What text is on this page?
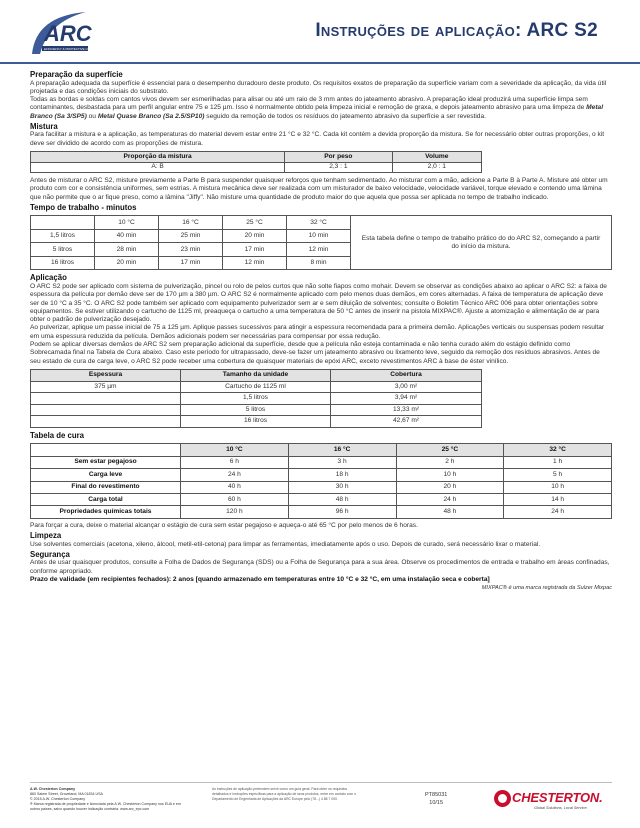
ARC
EFFICIENCY & PROTECTIVE COATINGS
Instruções de aplicação: ARC S2
Preparação da superfície
A preparação adequada da superfície é essencial para o desempenho duradouro deste produto. Os requisitos exatos de preparação da superfície variam com a severidade da aplicação, da vida útil projetada e das condições iniciais do substrato.
Todas as bordas e soldas com cantos vivos devem ser esmerilhadas para alisar ou até um raio de 3 mm antes do jateamento abrasivo. A preparação ideal produzirá uma superfície limpa sem contaminantes, desbastada para um perfil angular entre 75 e 125 µm. Isso é normalmente obtido pela limpeza inicial e remoção de graxa, e depois jateamento abrasivo para uma limpeza de Metal Branco (Sa 3/SP5) ou Metal Quase Branco (Sa 2.5/SP10) seguido da remoção de todos os resíduos do jateamento abrasivo da superfície a ser revestida.
Mistura
Para facilitar a mistura e a aplicação, as temperaturas do material devem estar entre 21 °C e 32 °C. Cada kit contém a devida proporção da mistura. Se for necessário obter outras proporções, o kit deve ser dividido de acordo com as proporções de mistura.
Proporção da mistura	Por peso	Volume
A: B	2,3 : 1	2,0 : 1
Antes de misturar o ARC S2, misture previamente a Parte B para suspender quaisquer reforços que tenham sedimentado. Ao misturar com a mão, adicione a Parte B à Parte A. Misture até obter um produto com cor e consistência uniformes, sem estrias. A mistura mecânica deve ser realizada com um misturador de baixo velocidade, velocidade variável, torque elevado e contendo uma lâmina que não permite que o ar fique preso, como a lâmina "Jiffy". Não misture uma quantidade de produto maior do que aquela que possa ser aplicada no tempo de trabalho indicado.
Tempo de trabalho - minutos
	10 °C	16 °C	25 °C	32 °C	Esta tabela define o tempo de trabalho prático do do ARC S2, começando a partir do início da mistura.
1,5 litros	40 min	25 min	20 min	10 min	
5 litros	28 min	23 min	17 min	12 min	
16 litros	20 min	17 min	12 min	8 min	
Aplicação
O ARC S2 pode ser aplicado com sistema de pulverização, pincel ou rolo de pelos curtos que não solte fiapos como mohair. Devem se observar as condições abaixo ao aplicar o ARC S2: a faixa de espessura da película por demão deve ser de 170 µm a 380 µm. O ARC S2 é normalmente aplicado com pelo menos duas demãos, em cores alternadas. A faixa de temperatura de aplicação deve ser de 10 °C a 35 °C. O ARC S2 pode também ser aplicado com equipamento pulverizador sem ar e sem diluição de solventes; consulte o Boletim Técnico ARC 006 para obter orientações sobre equipamentos. Se estiver utilizando o cartucho de 1125 ml, preaqueça o cartucho a uma temperatura de 50 °C antes de inserir na pistola MIXPAC®. Ajuste a atomização e alimentação de ar para obter o padrão de pulverização desejado.
Ao pulverizar, aplique um passe inicial de 75 a 125 µm. Aplique passes sucessivos para atingir a espessura recomendada para a primeira demão. Aplicações verticais ou suspensas podem resultar em uma espessura reduzida da película. Demãos adicionais podem ser necessárias para compensar por essa redução.
Podem se aplicar diversas demãos de ARC S2 sem preparação adicional da superfície, desde que a película não esteja contaminada e não tenha curado além do estágio definido como Sobrecamada final na Tabela de Cura abaixo. Caso este período for ultrapassado, deve-se fazer um jateamento abrasivo ou lixamento leve, seguido da remoção dos resíduos abrasivos. Antes de seu estado de cura de carga leve, o ARC S2 pode receber uma cobertura de quaisquer materiais de epóxi ARC, exceto revestimentos ARC à base de éster vinílico.
Espessura	Tamanho da unidade	Cobertura
375 µm	Cartucho de 1125 ml	3,00 m²
	1,5 litros	3,94 m²
	5 litros	13,33 m²
	16 litros	42,67 m²
Tabela de cura
	10 °C	16 °C	25 °C	32 °C
Sem estar pegajoso	6 h	3 h	2 h	1 h
Carga leve	24 h	18 h	10 h	5 h
Final do revestimento	40 h	30 h	20 h	10 h
Carga total	60 h	48 h	24 h	14 h
Propriedades químicas totais	120 h	96 h	48 h	24 h
Para forçar a cura, deixe o material alcançar o estágio de cura sem estar pegajoso e aqueça-o até 65 °C por pelo menos de 6 horas.
Limpeza
Use solventes comerciais (acetona, xileno, álcool, metil-etil-cetona) para limpar as ferramentas, imediatamente após o uso. Depois de curado, será necessário lixar o material.
Segurança
Antes de usar quaisquer produtos, consulte a Folha de Dados de Segurança (SDS) ou a Folha de Segurança para a sua área. Observe os procedimentos de entrada e trabalho em áreas confinadas, conforme apropriado.
Prazo de validade (em recipientes fechados): 2 anos [quando armazenado em temperaturas entre 10 °C e 32 °C, em uma instalação seca e coberta]
MIXPAC® é uma marca registrada da Sulzer Mixpac
A.W. Chesterton Company
860 Salem Street, Groveland, MA 01834 USA
© 2015 A.W. Chesterton Company
® Marca registrada de propriedade e licenciada pela A.W. Chesterton Company nos EUA e em outros países, salvo quando houver indicação contrária. www.arc_epc.com
As instruções de aplicação pretendem servir como um guia geral. Para obter os requisitos detalhados e instruções específicas para a aplicação de seus produtos, entre em contato com o Departamento de Engenharia de Aplicações da ARC Europe pelo (78...) 4 88 7 000.
PT85031
10/15	CHESTERTON.
Global Solutions, Local Service.
